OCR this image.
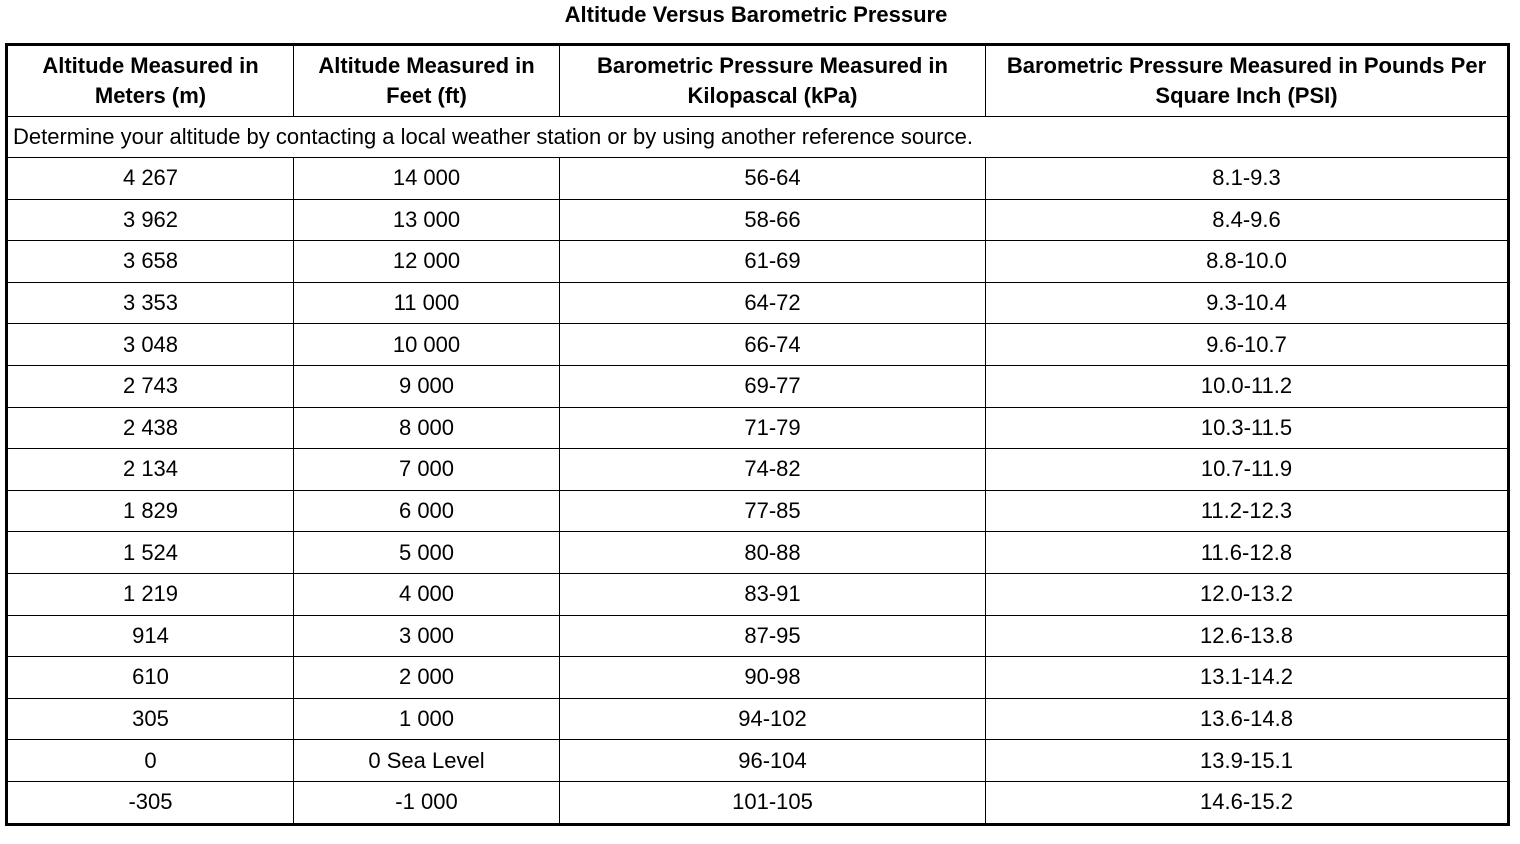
Altitude Versus Barometric Pressure
Altitude Measured in Meters (m)	Altitude Measured in Feet (ft)	Barometric Pressure Measured in Kilopascal (kPa)	Barometric Pressure Measured in Pounds Per Square Inch (PSI)
Determine your altitude by contacting a local weather station or by using another reference source.			
4 267	14 000	56-64	8.1-9.3
3 962	13 000	58-66	8.4-9.6
3 658	12 000	61-69	8.8-10.0
3 353	11 000	64-72	9.3-10.4
3 048	10 000	66-74	9.6-10.7
2 743	9 000	69-77	10.0-11.2
2 438	8 000	71-79	10.3-11.5
2 134	7 000	74-82	10.7-11.9
1 829	6 000	77-85	11.2-12.3
1 524	5 000	80-88	11.6-12.8
1 219	4 000	83-91	12.0-13.2
914	3 000	87-95	12.6-13.8
610	2 000	90-98	13.1-14.2
305	1 000	94-102	13.6-14.8
0	0 Sea Level	96-104	13.9-15.1
-305	-1 000	101-105	14.6-15.2
